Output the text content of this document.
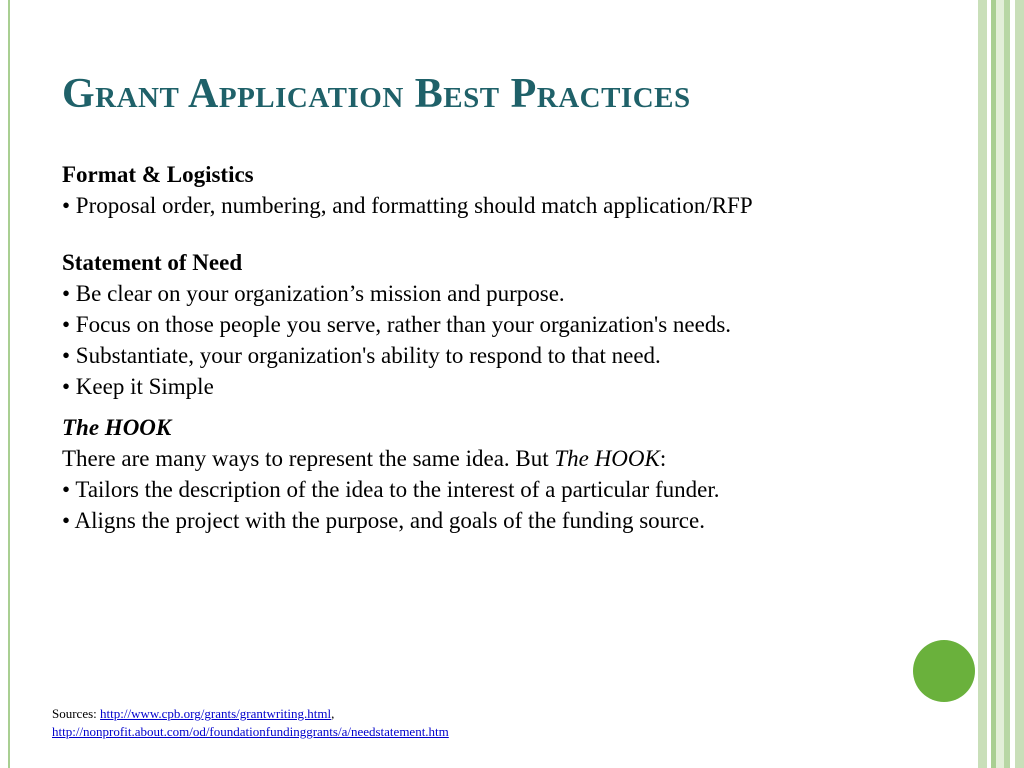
Grant Application Best Practices
Format & Logistics
• Proposal order, numbering, and formatting should match application/RFP
Statement of Need
• Be clear on your organization’s mission and purpose.
• Focus on those people you serve, rather than your organization's needs.
• Substantiate, your organization's ability to respond to that need.
• Keep it Simple
The HOOK
There are many ways to represent the same idea. But The HOOK:
• Tailors the description of the idea to the interest of a particular funder.
• Aligns the project with the purpose, and goals of the funding source.
Sources: http://www.cpb.org/grants/grantwriting.html,
http://nonprofit.about.com/od/foundationfundinggrants/a/needstatement.htm
